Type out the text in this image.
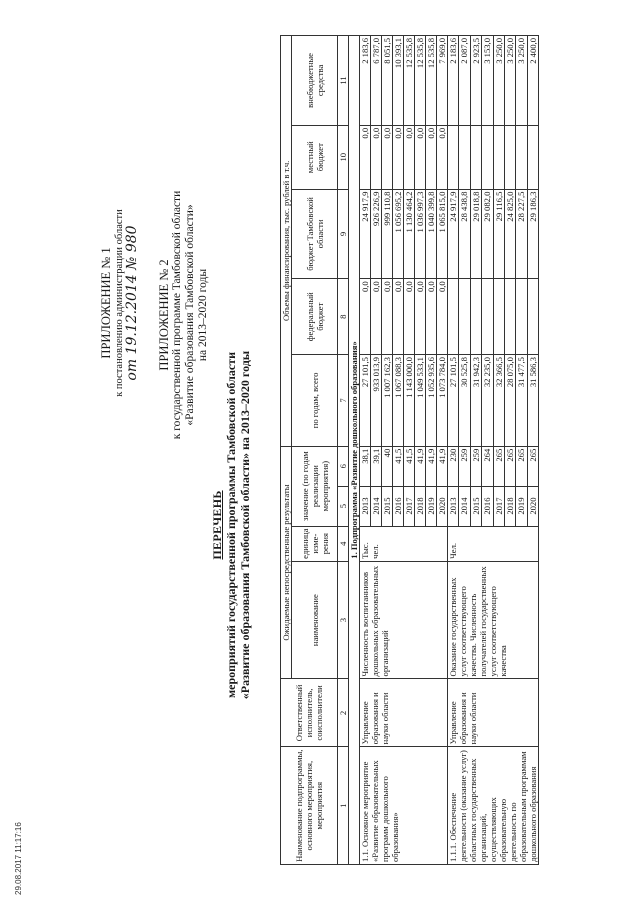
ПРИЛОЖЕНИЕ № 1 к постановлению администрации области от 19.12.2014 № 980 ПРИЛОЖЕНИЕ № 2 к государственной программе Тамбовской области «Развитие образования Тамбовской области» на 2013–2020 годы
ПЕРЕЧЕНЬ мероприятий государственной программы Тамбовской области «Развитие образования Тамбовской области» на 2013–2020 годы
Наименование подпрограммы, основного мероприятия, мероприятия	Ответственный исполнитель, соисполнители	Ожидаемые непосредственные результаты				Объемы финансирования, тыс. рублей в т.ч.				
		наименование	единица изме-рения	значение (по годам реализации мероприятия)		по годам, всего	федеральный бюджет	бюджет Тамбовской области	местный бюджет	внебюджетные средства
1	2	3	4	5	6	7	8	9	10	11
1. Подпрограмма «Развитие дошкольного образования»										
1.1. Основное мероприятие «Развитие образовательных программ дошкольного образования»	Управление образования и науки области	Численность воспитанников дошкольных образовательных организаций	Тыс. чел.	2013	38,1	27 101,5	0,0	24 917,9	0,0	2 183,6
				2014	39,1	933 013,9	0,0	926 226,9	0,0	6 787,0
				2015	40	1 007 162,3	0,0	999 110,8	0,0	8 051,5
				2016	41,5	1 067 088,3	0,0	1 056 695,2	0,0	10 393,1
				2017	41,5	1 143 000,0	0,0	1 130 464,2	0,0	12 535,8
				2018	41,9	1 049 533,1	0,0	1 036 997,3	0,0	12 535,8
				2019	41,9	1 052 935,6	0,0	1 040 399,8	0,0	12 535,8
				2020	41,9	1 073 784,0	0,0	1 065 815,0	0,0	7 969,0
1.1.1. Обеспечение деятельности (оказание услуг) областных государственных организаций, осуществляющих образовательную деятельность по образовательным программам дошкольного образования	Управление образования и науки области	Оказание государственных услуг соответствующего качества. Численность получателей государственных услуг соответствующего качества	Чел.	2013	230	27 101,5		24 917,9		2 183,6
				2014	259	30 525,8		28 438,8		2 087,0
				2015	259	31 942,3		29 018,8		2 923,5
				2016	264	32 235,0		29 082,0		3 153,0
				2017	265	32 366,5		29 116,5		3 250,0
				2018	265	28 075,0		24 825,0		3 250,0
				2019	265	31 477,5		28 227,5		3 250,0
				2020	265	31 586,3		29 186,3		2 400,0
29.08.2017 11:17:16
